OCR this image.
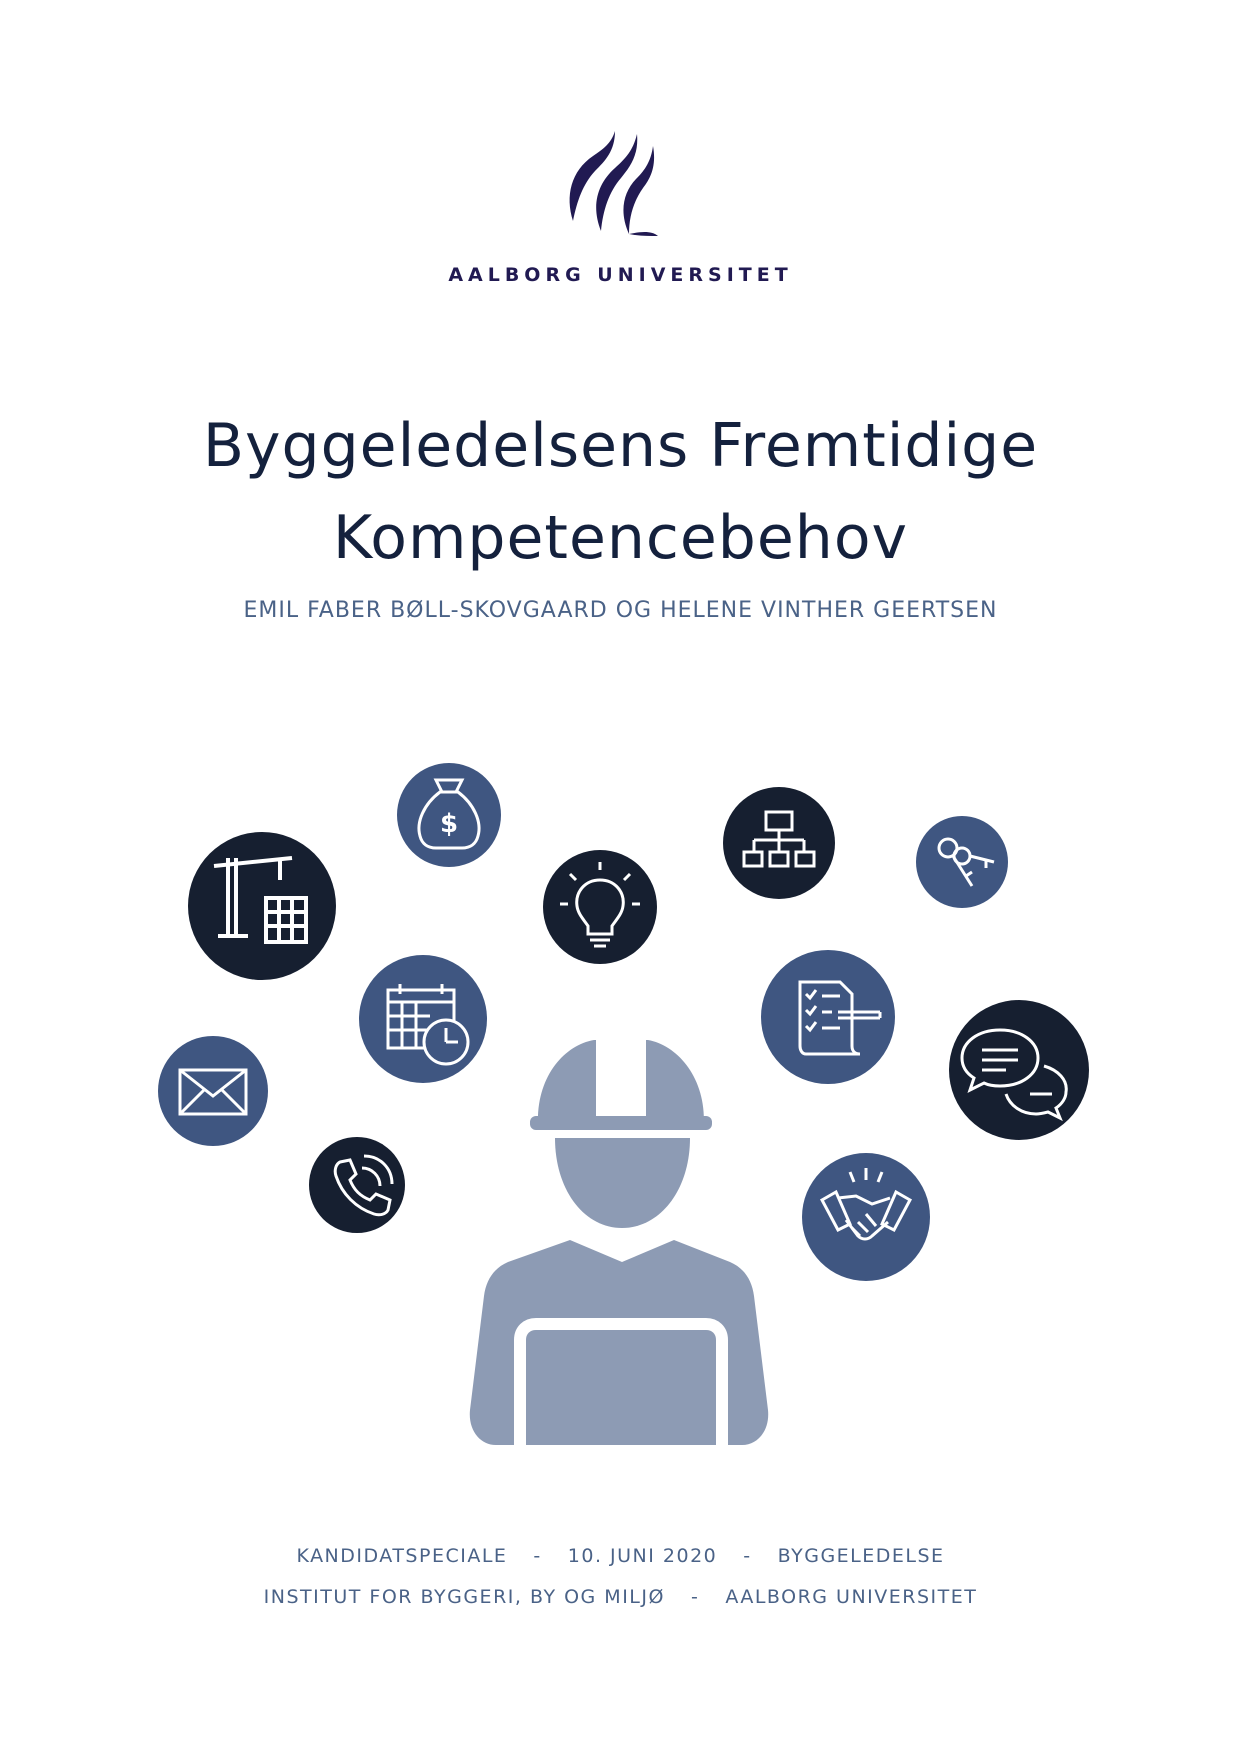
AALBORG UNIVERSITET
Byggeledelsens Fremtidige
Kompetencebehov
EMIL FABER BØLL-SKOVGAARD OG HELENE VINTHER GEERTSEN
$
KANDIDATSPECIALE - 10. JUNI 2020 - BYGGELEDELSE
INSTITUT FOR BYGGERI, BY OG MILJØ - AALBORG UNIVERSITET
